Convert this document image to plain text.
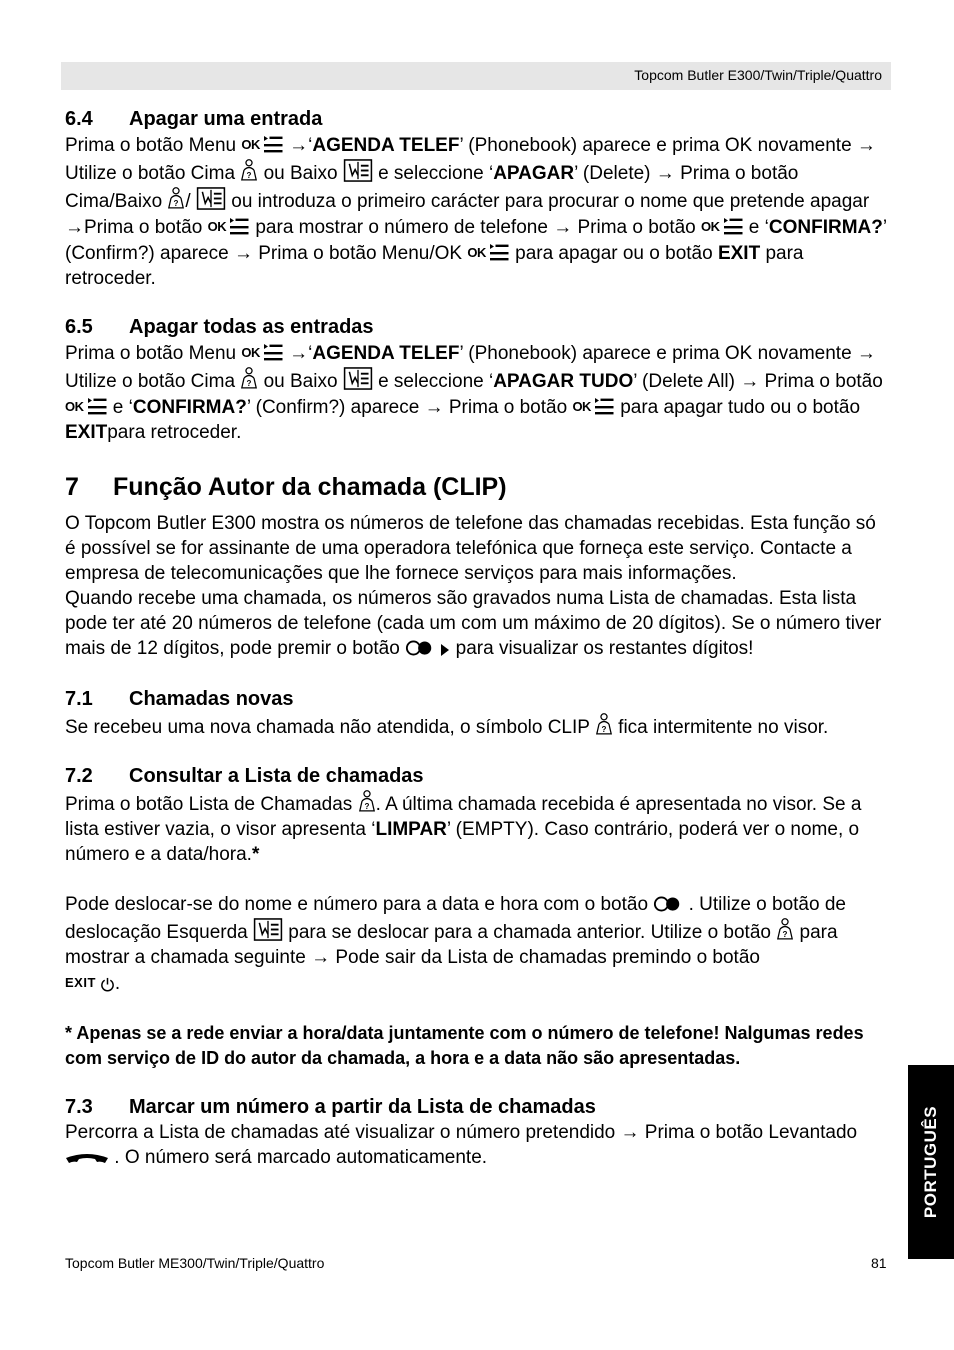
Topcom Butler E300/Twin/Triple/Quattro
6.4	Apagar uma entrada

Prima o botão Menu OK →‘AGENDA TELEF’ (Phonebook) aparece e prima OK novamente → Utilize o botão Cima  ou Baixo  e seleccione ‘APAGAR’ (Delete) → Prima o botão Cima/Baixo /  ou introduza o primeiro carácter para procurar o nome que pretende apagar →Prima o botão OK para mostrar o número de telefone → Prima o botão OK e ‘CONFIRMA?’ (Confirm?) aparece → Prima o botão Menu/OK OK para apagar ou o botão EXIT para retroceder.

6.5	Apagar todas as entradas

Prima o botão Menu OK →‘AGENDA TELEF’ (Phonebook) aparece e prima OK novamente → Utilize o botão Cima  ou Baixo  e seleccione ‘APAGAR TUDO’ (Delete All) → Prima o botão OK e ‘CONFIRMA?’ (Confirm?) aparece → Prima o botão OK para apagar tudo ou o botão EXITpara retroceder.

7	Função Autor da chamada (CLIP)

O Topcom Butler E300 mostra os números de telefone das chamadas recebidas. Esta função só é possível se for assinante de uma operadora telefónica que forneça este serviço. Contacte a empresa de telecomunicações que lhe fornece serviços para mais informações.

Quando recebe uma chamada, os números são gravados numa Lista de chamadas. Esta lista pode ter até 20 números de telefone (cada um com um máximo de 20 dígitos). Se o número tiver mais de 12 dígitos, pode premir o botão   para visualizar os restantes dígitos!

7.1	Chamadas novas

Se recebeu uma nova chamada não atendida, o símbolo CLIP  fica intermitente no visor.

7.2	Consultar a Lista de chamadas

Prima o botão Lista de Chamadas . A última chamada recebida é apresentada no visor. Se a lista estiver vazia, o visor apresenta ‘LIMPAR’ (EMPTY). Caso contrário, poderá ver o nome, o número e a data/hora.*

Pode deslocar-se do nome e número para a data e hora com o botão  . Utilize o botão de deslocação Esquerda  para se deslocar para a chamada anterior. Utilize o botão  para mostrar a chamada seguinte → Pode sair da Lista de chamadas premindo o botão
EXIT .

* Apenas se a rede enviar a hora/data juntamente com o número de telefone! Nalgumas redes com serviço de ID do autor da chamada, a hora e a data não são apresentadas.

7.3	Marcar um número a partir da Lista de chamadas

Percorra a Lista de chamadas até visualizar o número pretendido → Prima o botão Levantado  . O número será marcado automaticamente.

Topcom Butler ME300/Twin/Triple/Quattro	81
PORTUGUÊS
